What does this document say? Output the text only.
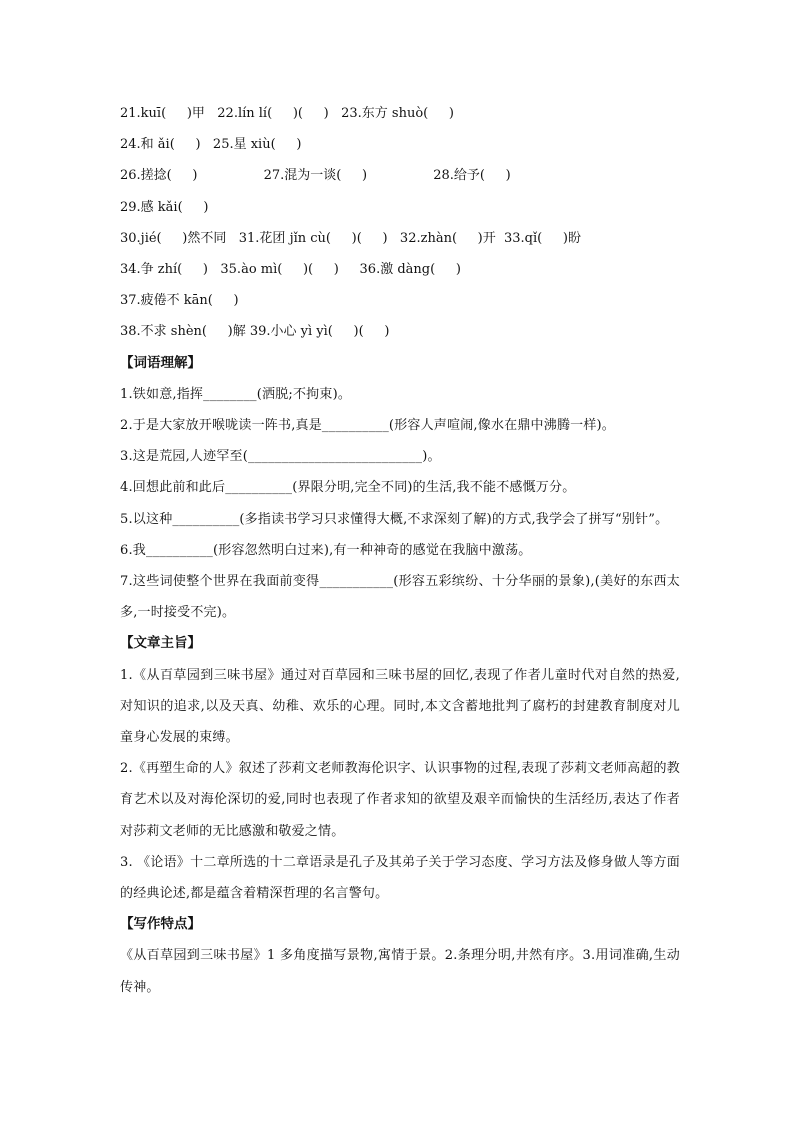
21.kuī(     )甲   22.lín lí(     )(     )   23.东方 shuò(     )

24.和 ǎi(     )   25.星 xiù(     )

26.搓捻(     )                27.混为一谈(     )                28.给予(     )

29.感 kǎi(     )

30.jié(     )然不同   31.花团 jǐn cù(     )(     )   32.zhàn(     )开  33.qǐ(     )盼

34.争 zhí(     )   35.ào mì(     )(     )     36.激 dàng(     )

37.疲倦不 kān(     )

38.不求 shèn(     )解 39.小心 yì yì(     )(     )

【词语理解】

1.铁如意,指挥________(洒脱;不拘束)。

2.于是大家放开喉咙读一阵书,真是__________(形容人声喧闹,像水在鼎中沸腾一样)。

3.这是荒园,人迹罕至(__________________________)。

4.回想此前和此后__________(界限分明,完全不同)的生活,我不能不感慨万分。

5.以这种__________(多指读书学习只求懂得大概,不求深刻了解)的方式,我学会了拼写“别针”。

6.我__________(形容忽然明白过来),有一种神奇的感觉在我脑中激荡。

7.这些词使整个世界在我面前变得___________(形容五彩缤纷、十分华丽的景象),(美好的东西太多,一时接受不完)。

【文章主旨】

1.《从百草园到三味书屋》通过对百草园和三味书屋的回忆,表现了作者儿童时代对自然的热爱,对知识的追求,以及天真、幼稚、欢乐的心理。同时,本文含蓄地批判了腐朽的封建教育制度对儿童身心发展的束缚。

2.《再塑生命的人》叙述了莎莉文老师教海伦识字、认识事物的过程,表现了莎莉文老师高超的教育艺术以及对海伦深切的爱,同时也表现了作者求知的欲望及艰辛而愉快的生活经历,表达了作者对莎莉文老师的无比感激和敬爱之情。

3. 《论语》十二章所选的十二章语录是孔子及其弟子关于学习态度、学习方法及修身做人等方面的经典论述,都是蕴含着精深哲理的名言警句。

【写作特点】

《从百草园到三味书屋》1 多角度描写景物,寓情于景。2.条理分明,井然有序。3.用词准确,生动传神。
